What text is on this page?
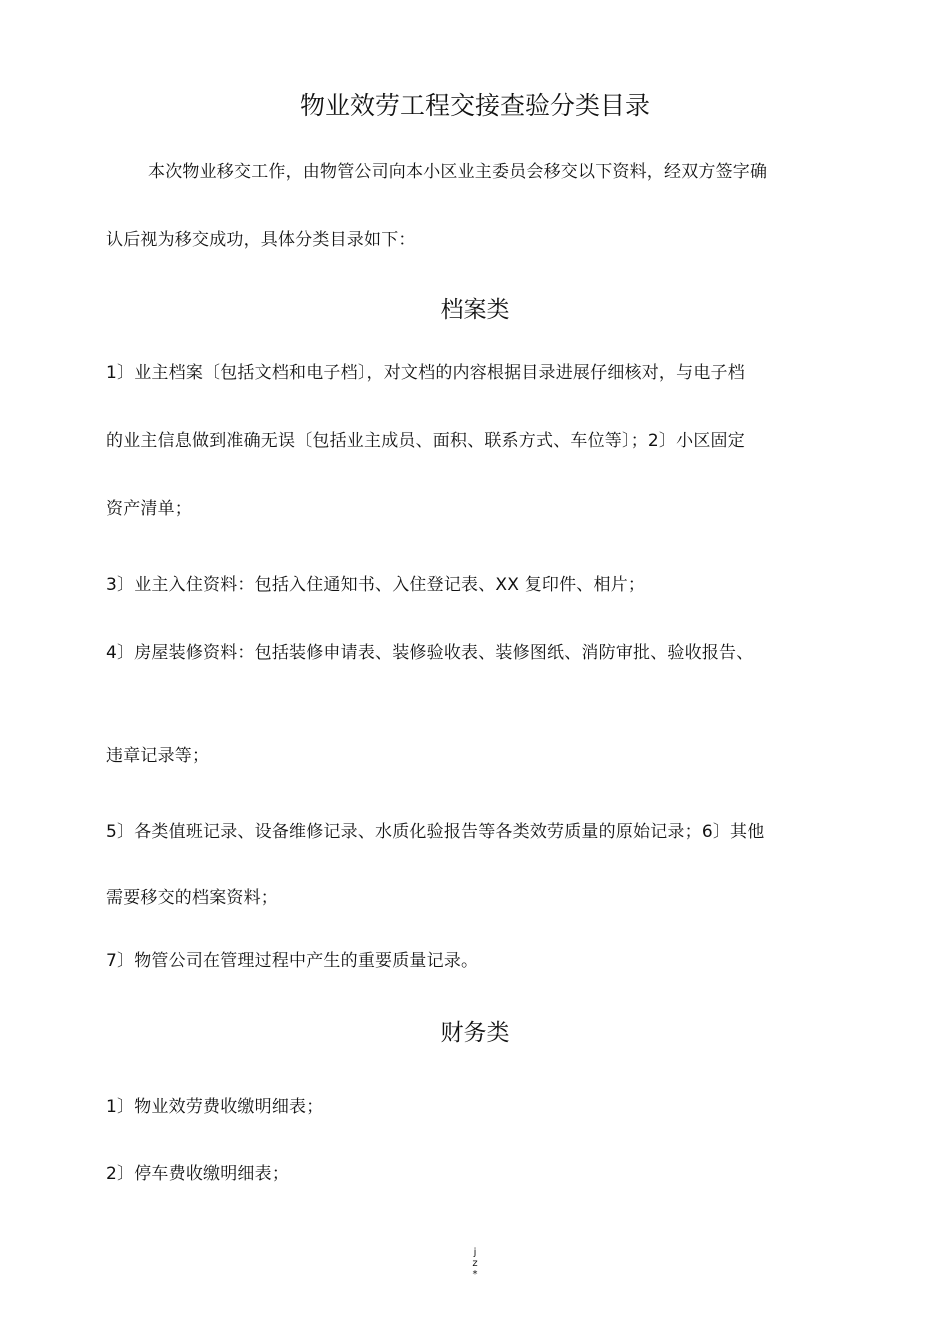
物业效劳工程交接查验分类目录
本次物业移交工作，由物管公司向本小区业主委员会移交以下资料，经双方签字确
认后视为移交成功，具体分类目录如下：
档案类
1〕业主档案〔包括文档和电子档〕，对文档的内容根据目录进展仔细核对，与电子档
的业主信息做到准确无误〔包括业主成员、面积、联系方式、车位等〕；2〕小区固定
资产清单；
3〕业主入住资料：包括入住通知书、入住登记表、XX 复印件、相片；
4〕房屋装修资料：包括装修申请表、装修验收表、装修图纸、消防审批、验收报告、
违章记录等；
5〕各类值班记录、设备维修记录、水质化验报告等各类效劳质量的原始记录；6〕其他
需要移交的档案资料；
7〕物管公司在管理过程中产生的重要质量记录。
财务类
1〕物业效劳费收缴明细表；
2〕停车费收缴明细表；
j
z
*
